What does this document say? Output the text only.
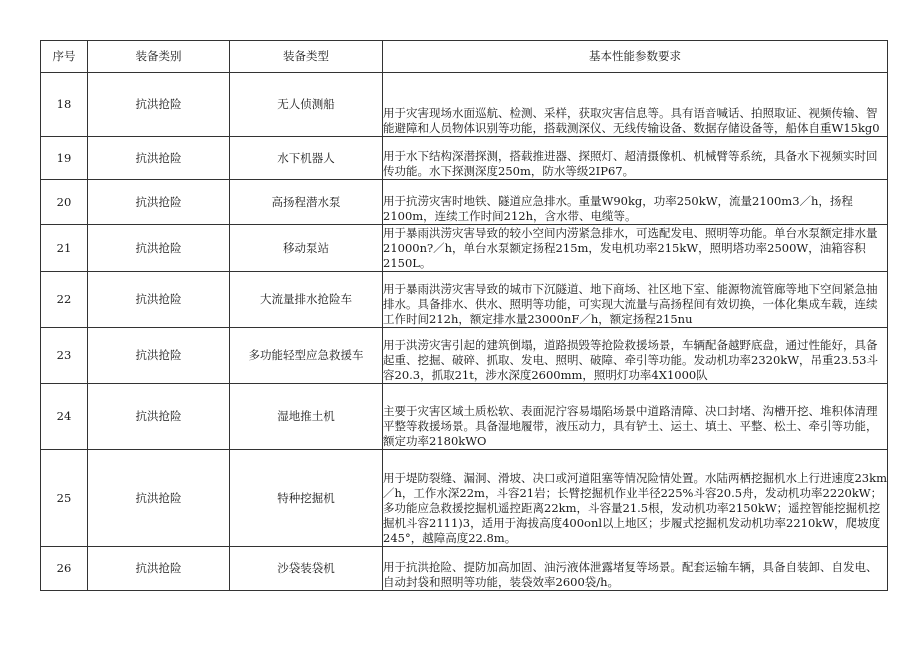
序号	装备类别	装备类型	基本性能参数要求
18	抗洪抢险	无人侦测船	用于灾害现场水面巡航、检测、采样，获取灾害信息等。具有语音喊话、拍照取证、视频传输、智能避障和人员物体识别等功能，搭载测深仪、无线传输设备、数据存储设备等，船体自重W15kg0
19	抗洪抢险	水下机器人	用于水下结构深潜探测，搭载推进器、探照灯、超清摄像机、机械臂等系统，具备水下视频实时回传功能。水下探测深度250m，防水等级2IP67。
20	抗洪抢险	高扬程潜水泵	用于抗涝灾害时地铁、隧道应急排水。重量W90kg，功率250kW，流量2100m3／h，扬程2100m，连续工作时间212h，含水带、电缆等。
21	抗洪抢险	移动泵站	用于暴雨洪涝灾害导致的较小空间内涝紧急排水，可选配发电、照明等功能。单台水泵额定排水量21000n?／h，单台水泵额定扬程215m，发电机功率215kW，照明塔功率2500W，油箱容积2150L。
22	抗洪抢险	大流量排水抢险车	用于暴雨洪涝灾害导致的城市下沉隧道、地下商场、社区地下室、能源物流管廊等地下空间紧急抽排水。具备排水、供水、照明等功能，可实现大流量与高扬程间有效切换，一体化集成车载，连续工作时间212h，额定排水量23000nF／h，额定扬程215nu
23	抗洪抢险	多功能轻型应急救援车	用于洪涝灾害引起的建筑倒塌，道路损毁等抢险救援场景，车辆配备越野底盘，通过性能好，具备起重、挖掘、破碎、抓取、发电、照明、破障、牵引等功能。发动机功率2320kW，吊重23.53斗容20.3，抓取21t，涉水深度2600mm，照明灯功率4X1000队
24	抗洪抢险	湿地推土机	主要于灾害区域土质松软、表面泥泞容易塌陷场景中道路清障、决口封堵、沟槽开挖、堆积体清理平整等救援场景。具备湿地履带，液压动力，具有铲土、运土、填土、平整、松土、牵引等功能，额定功率2180kWO
25	抗洪抢险	特种挖掘机	用于堤防裂缝、漏洞、滑坡、决口或河道阻塞等情况险情处置。水陆两栖挖掘机水上行进速度23km／h，工作水深22m，斗容21岩；长臂挖掘机作业半径225%斗容20.5舟，发动机功率2220kW；多功能应急救援挖掘机遥控距离22km，斗容量21.5根，发动机功率2150kW；遥控智能挖掘机挖掘机斗容2111)3，适用于海拔高度400onl以上地区；步履式挖掘机发动机功率2210kW，爬坡度245°，越障高度22.8m。
26	抗洪抢险	沙袋装袋机	用于抗洪抢险、提防加高加固、油污液体泄露堵复等场景。配套运输车辆，具备自装卸、自发电、自动封袋和照明等功能，装袋效率2600袋/h。
